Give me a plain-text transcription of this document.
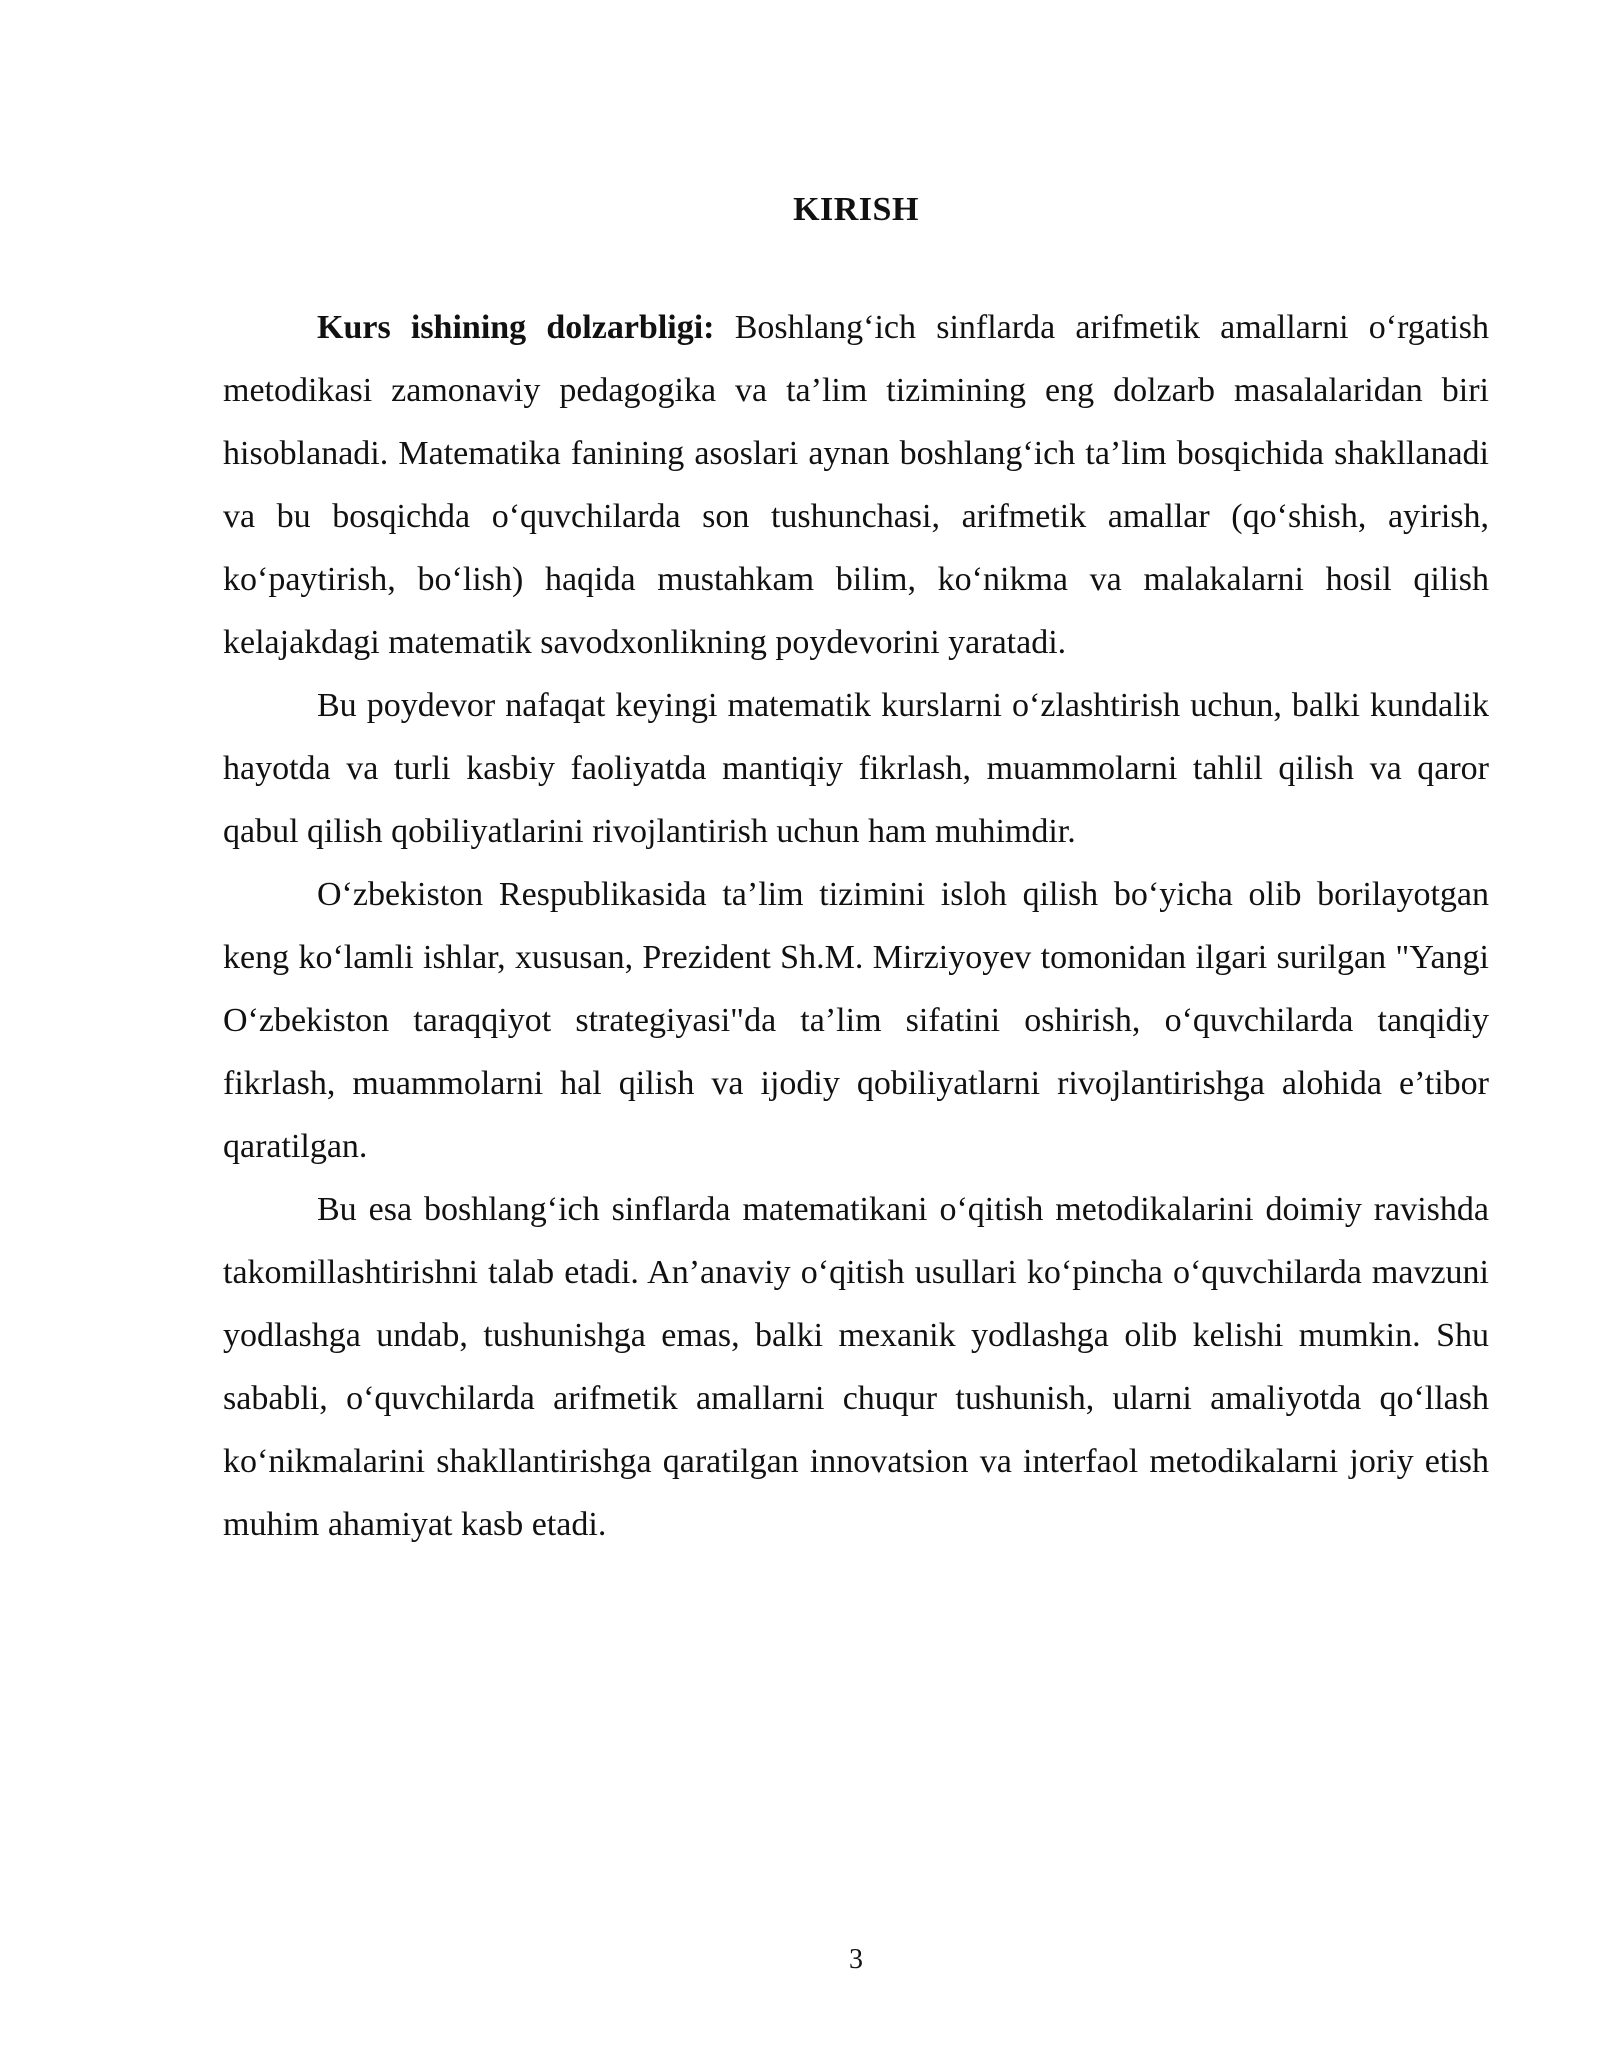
KIRISH

Kurs ishining dolzarbligi: Boshlang‘ich sinflarda arifmetik amallarni o‘rgatish metodikasi zamonaviy pedagogika va ta’lim tizimining eng dolzarb masalalaridan biri hisoblanadi. Matematika fanining asoslari aynan boshlang‘ich ta’lim bosqichida shakllanadi va bu bosqichda o‘quvchilarda son tushunchasi, arifmetik amallar (qo‘shish, ayirish, ko‘paytirish, bo‘lish) haqida mustahkam bilim, ko‘nikma va malakalarni hosil qilish kelajakdagi matematik savodxonlikning poydevorini yaratadi.

Bu poydevor nafaqat keyingi matematik kurslarni o‘zlashtirish uchun, balki kundalik hayotda va turli kasbiy faoliyatda mantiqiy fikrlash, muammolarni tahlil qilish va qaror qabul qilish qobiliyatlarini rivojlantirish uchun ham muhimdir.

O‘zbekiston Respublikasida ta’lim tizimini isloh qilish bo‘yicha olib borilayotgan keng ko‘lamli ishlar, xususan, Prezident Sh.M. Mirziyoyev tomonidan ilgari surilgan "Yangi O‘zbekiston taraqqiyot strategiyasi"da ta’lim sifatini oshirish, o‘quvchilarda tanqidiy fikrlash, muammolarni hal qilish va ijodiy qobiliyatlarni rivojlantirishga alohida e’tibor qaratilgan.

Bu esa boshlang‘ich sinflarda matematikani o‘qitish metodikalarini doimiy ravishda takomillashtirishni talab etadi. An’anaviy o‘qitish usullari ko‘pincha o‘quvchilarda mavzuni yodlashga undab, tushunishga emas, balki mexanik yodlashga olib kelishi mumkin. Shu sababli, o‘quvchilarda arifmetik amallarni chuqur tushunish, ularni amaliyotda qo‘llash ko‘nikmalarini shakllantirishga qaratilgan innovatsion va interfaol metodikalarni joriy etish muhim ahamiyat kasb etadi.

3
